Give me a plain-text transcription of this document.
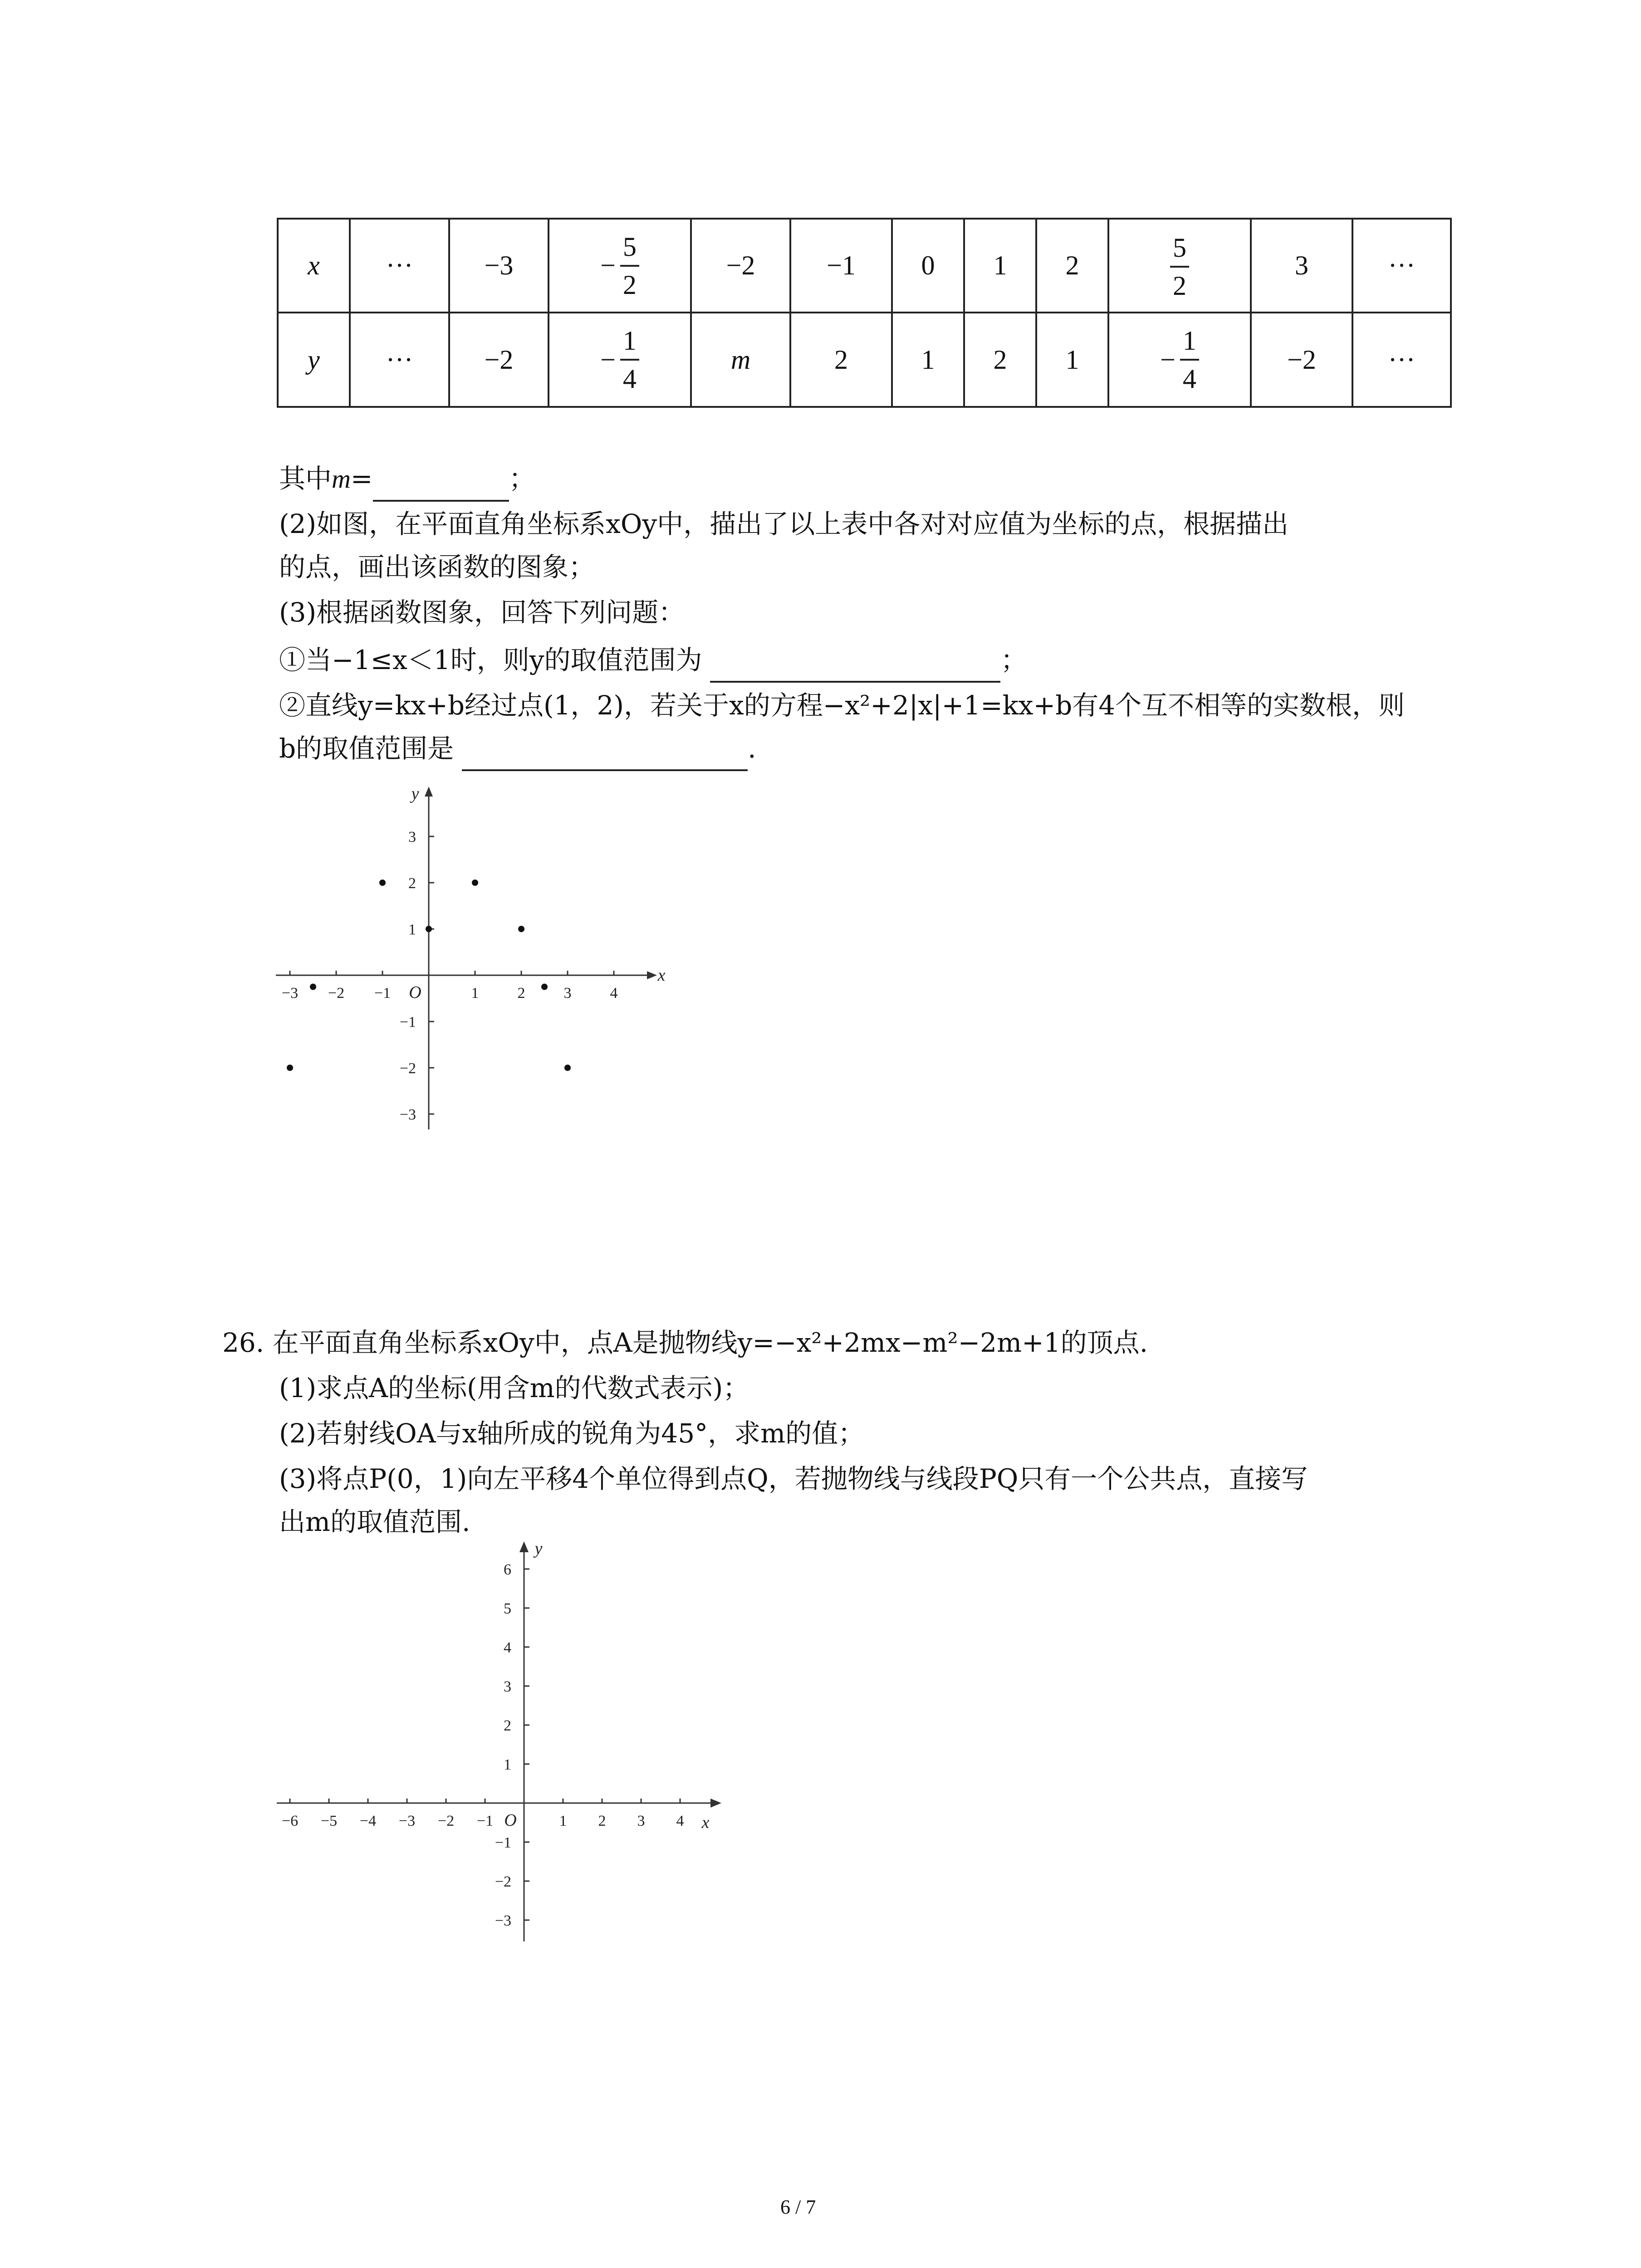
x	···	−3	− $\frac{5}{2}$	−2	−1	0	1	2	$\frac{5}{2}$	3	···
y	···	−2	− $\frac{1}{4}$	m	2	1	2	1	− $\frac{1}{4}$	−2	···
其中m=	；
(2)如图，在平面直角坐标系xOy中，描出了以上表中各对对应值为坐标的点，根据描出
的点，画出该函数的图象；
(3)根据函数图象，回答下列问题：
①当−1≤x＜1时，则y的取值范围为	；
②直线y=kx+b经过点(1，2)，若关于x的方程−x²+2|x|+1=kx+b有4个互不相等的实数根，则
b的取值范围是	.
−3 −2 −1	1	2	3	4
3
2
1
−1
−2
−3
O
x
y
26. 在平面直角坐标系xOy中，点A是抛物线y=−x²+2mx−m²−2m+1的顶点.
(1)求点A的坐标(用含m的代数式表示)；
(2)若射线OA与x轴所成的锐角为45°，求m的值；
(3)将点P(0，1)向左平移4个单位得到点Q，若抛物线与线段PQ只有一个公共点，直接写
出m的取值范围.
−6 −5 −4 −3 −2 −1	1 2 3 4
6
5
4
3
2
1
−1
−2
−3
O	x
y
6 / 7
